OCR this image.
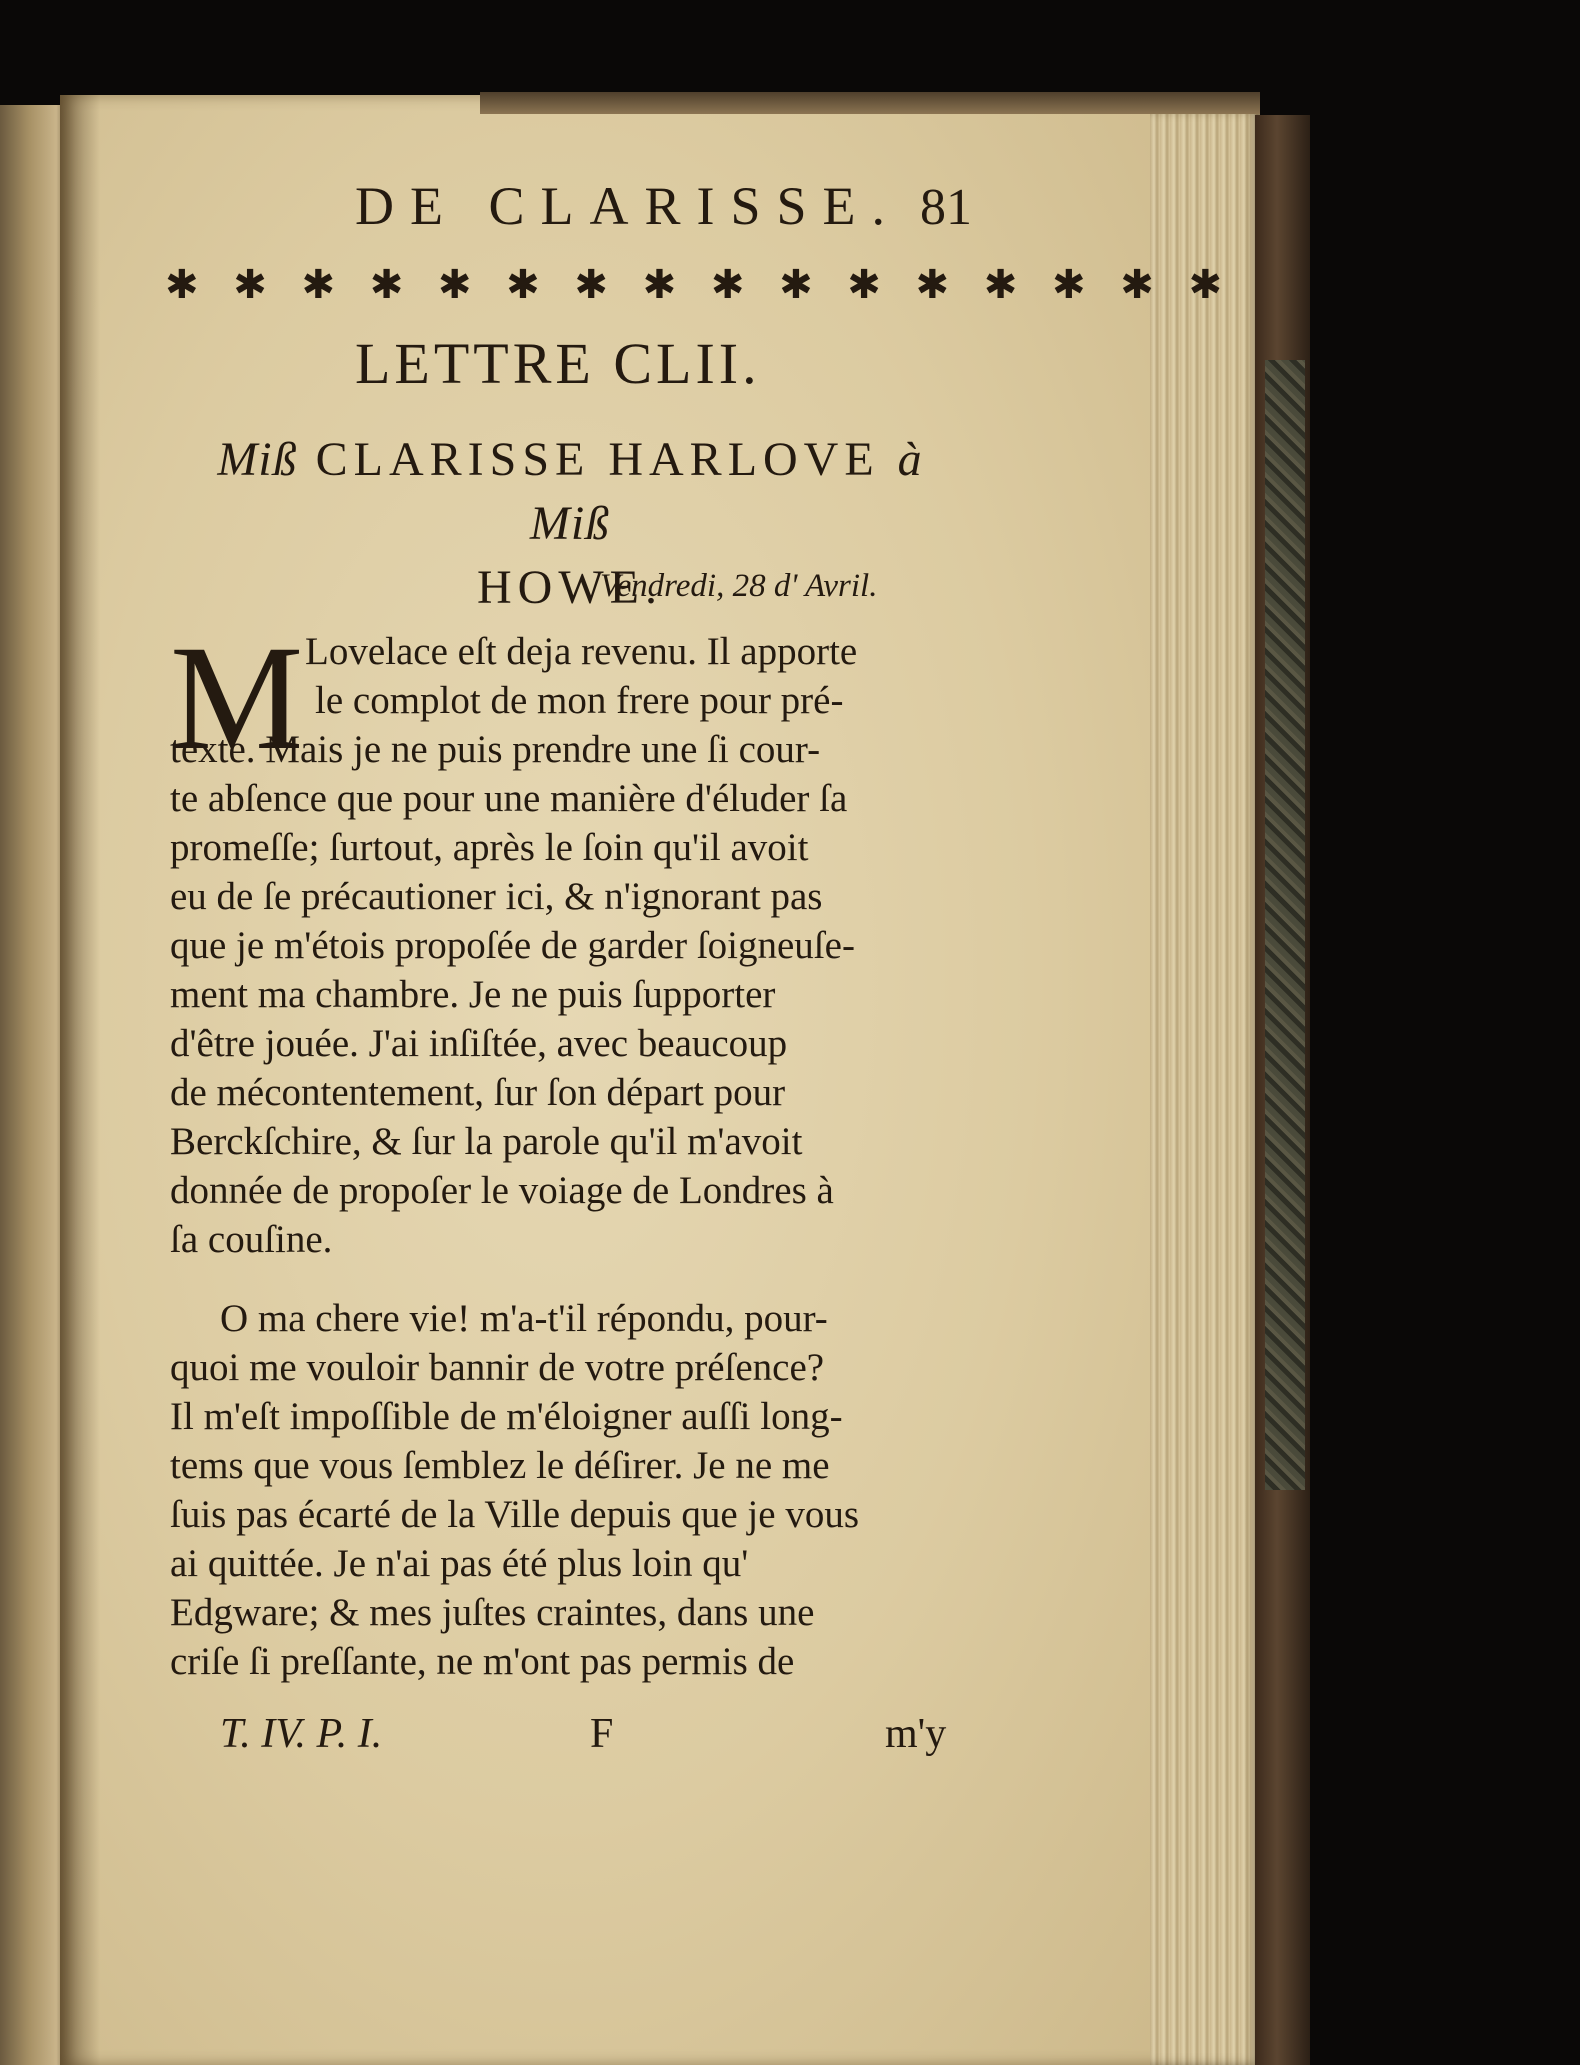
DE CLARISSE. 81
✱ ✱ ✱ ✱ ✱ ✱ ✱ ✱ ✱ ✱ ✱ ✱ ✱ ✱ ✱ ✱
LETTRE CLII.
Miß CLARISSE HARLOVE à Miß
HOWE.
Vendredi, 28 d' Avril.
M Lovelace eſt deja revenu. Il apporte
le complot de mon frere pour pré-
texte. Mais je ne puis prendre une ſi cour-
te abſence que pour une manière d'éluder ſa
promeſſe; ſurtout, après le ſoin qu'il avoit
eu de ſe précautioner ici, & n'ignorant pas
que je m'étois propoſée de garder ſoigneuſe-
ment ma chambre. Je ne puis ſupporter
d'être jouée. J'ai inſiſtée, avec beaucoup
de mécontentement, ſur ſon départ pour
Berckſchire, & ſur la parole qu'il m'avoit
donnée de propoſer le voiage de Londres à
ſa couſine.
O ma chere vie! m'a-t'il répondu, pour-
quoi me vouloir bannir de votre préſence?
Il m'eſt impoſſible de m'éloigner auſſi long-
tems que vous ſemblez le déſirer. Je ne me
ſuis pas écarté de la Ville depuis que je vous
ai quittée. Je n'ai pas été plus loin qu'
Edgware; & mes juſtes craintes, dans une
criſe ſi preſſante, ne m'ont pas permis de
T. IV. P. I.	F	m'y
